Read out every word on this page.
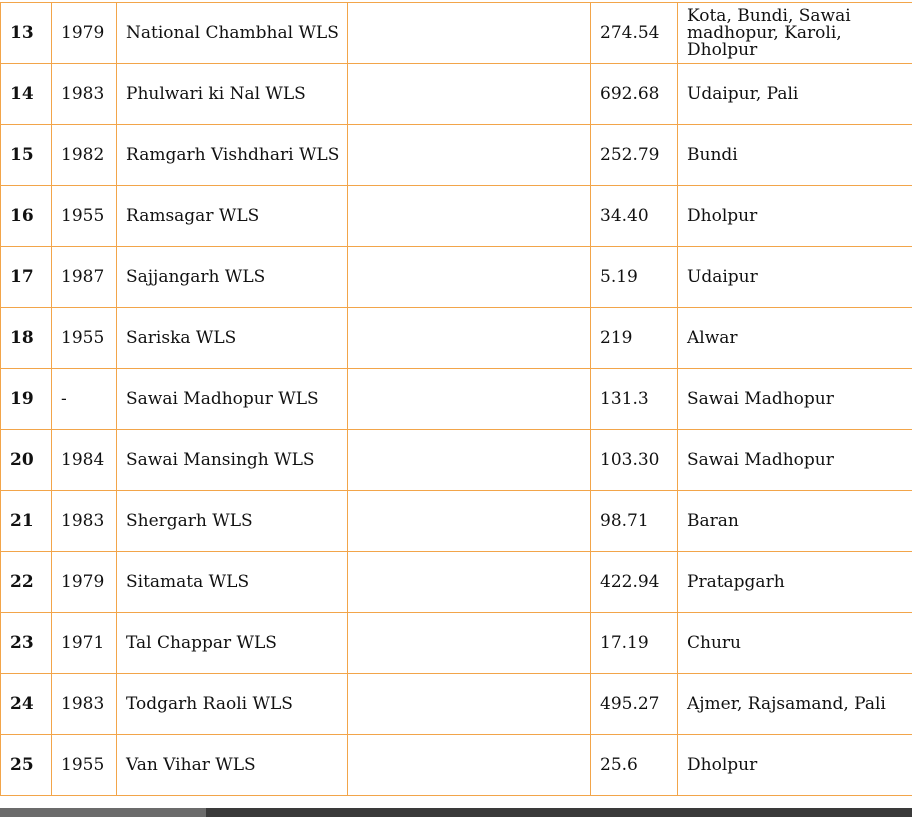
13	1979	National Chambhal WLS		274.54	Kota, Bundi, Sawai madhopur, Karoli, Dholpur
14	1983	Phulwari ki Nal WLS		692.68	Udaipur, Pali
15	1982	Ramgarh Vishdhari WLS		252.79	Bundi
16	1955	Ramsagar WLS		34.40	Dholpur
17	1987	Sajjangarh WLS		5.19	Udaipur
18	1955	Sariska WLS		219	Alwar
19	-	Sawai Madhopur WLS		131.3	Sawai Madhopur
20	1984	Sawai Mansingh WLS		103.30	Sawai Madhopur
21	1983	Shergarh WLS		98.71	Baran
22	1979	Sitamata WLS		422.94	Pratapgarh
23	1971	Tal Chappar WLS		17.19	Churu
24	1983	Todgarh Raoli WLS		495.27	Ajmer, Rajsamand, Pali
25	1955	Van Vihar WLS		25.6	Dholpur
